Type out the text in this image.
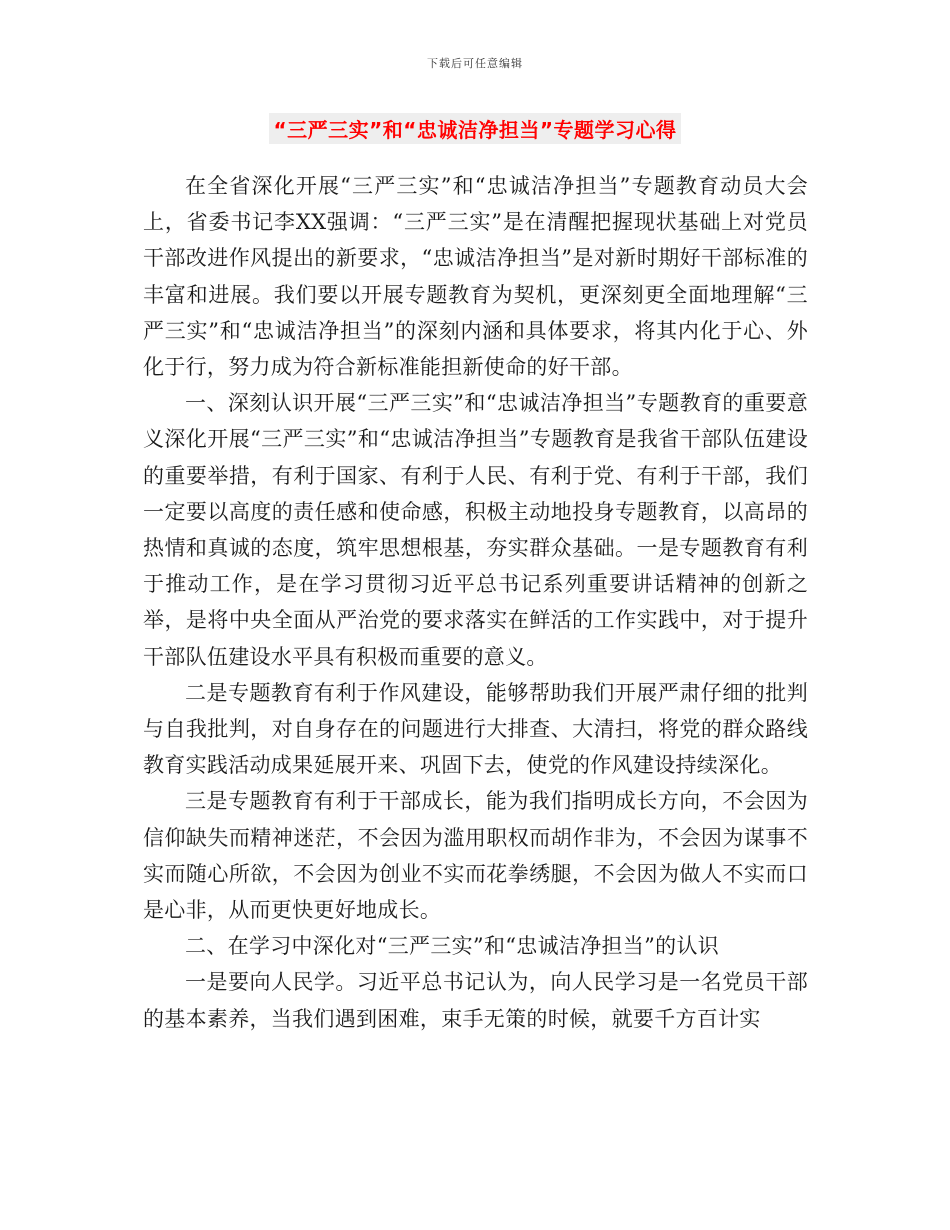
下载后可任意编辑
“三严三实”和“忠诚洁净担当”专题学习心得

在全省深化开展“三严三实”和“忠诚洁净担当”专题教育动员大会上，省委书记李XX强调：“三严三实”是在清醒把握现状基础上对党员干部改进作风提出的新要求，“忠诚洁净担当”是对新时期好干部标准的丰富和进展。我们要以开展专题教育为契机，更深刻更全面地理解“三严三实”和“忠诚洁净担当”的深刻内涵和具体要求，将其内化于心、外化于行，努力成为符合新标准能担新使命的好干部。

一、深刻认识开展“三严三实”和“忠诚洁净担当”专题教育的重要意义深化开展“三严三实”和“忠诚洁净担当”专题教育是我省干部队伍建设的重要举措，有利于国家、有利于人民、有利于党、有利于干部，我们一定要以高度的责任感和使命感，积极主动地投身专题教育，以高昂的热情和真诚的态度，筑牢思想根基，夯实群众基础。一是专题教育有利于推动工作，是在学习贯彻习近平总书记系列重要讲话精神的创新之举，是将中央全面从严治党的要求落实在鲜活的工作实践中，对于提升干部队伍建设水平具有积极而重要的意义。

二是专题教育有利于作风建设，能够帮助我们开展严肃仔细的批判与自我批判，对自身存在的问题进行大排查、大清扫，将党的群众路线教育实践活动成果延展开来、巩固下去，使党的作风建设持续深化。

三是专题教育有利于干部成长，能为我们指明成长方向，不会因为信仰缺失而精神迷茫，不会因为滥用职权而胡作非为，不会因为谋事不实而随心所欲，不会因为创业不实而花拳绣腿，不会因为做人不实而口是心非，从而更快更好地成长。

二、在学习中深化对“三严三实”和“忠诚洁净担当”的认识

一是要向人民学。习近平总书记认为，向人民学习是一名党员干部的基本素养，当我们遇到困难，束手无策的时候，就要千方百计实
